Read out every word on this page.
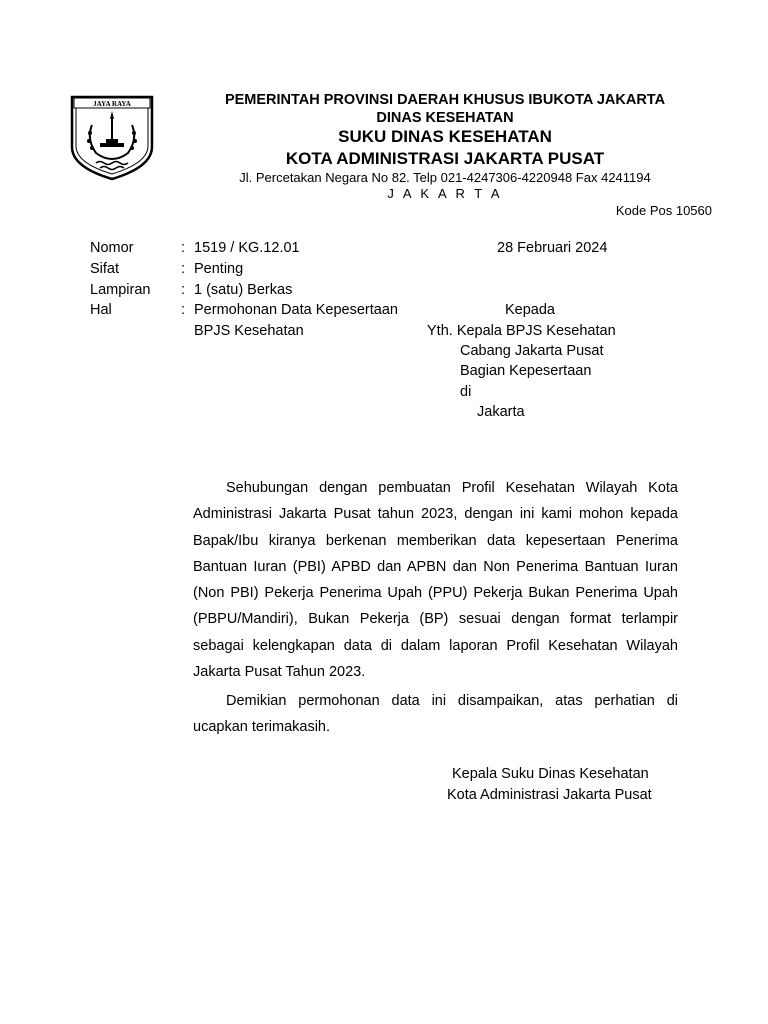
JAYA RAYA	PEMERINTAH PROVINSI DAERAH KHUSUS IBUKOTA JAKARTA
DINAS KESEHATAN
SUKU DINAS KESEHATAN
KOTA ADMINISTRASI JAKARTA PUSAT
Jl. Percetakan Negara No 82. Telp 021-4247306-4220948 Fax 4241194
J A K A R T A
Kode Pos 10560
Nomor	: 1519 / KG.12.01	28 Februari 2024
Sifat	: Penting
Lampiran : 1 (satu) Berkas
Hal	: Permohonan Data Kepesertaan
BPJS Kesehatan
Kepada
Yth. Kepala BPJS Kesehatan
Cabang Jakarta Pusat
Bagian Kepesertaan
di
Jakarta

Sehubungan dengan pembuatan Profil Kesehatan Wilayah Kota Administrasi Jakarta Pusat tahun 2023, dengan ini kami mohon kepada Bapak/Ibu kiranya berkenan memberikan data kepesertaan Penerima Bantuan Iuran (PBI) APBD dan APBN dan Non Penerima Bantuan Iuran (Non PBI) Pekerja Penerima Upah (PPU) Pekerja Bukan Penerima Upah (PBPU/Mandiri), Bukan Pekerja (BP) sesuai dengan format terlampir sebagai kelengkapan data di dalam laporan Profil Kesehatan Wilayah Jakarta Pusat Tahun 2023.

Demikian permohonan data ini disampaikan, atas perhatian di ucapkan terimakasih.

Kepala Suku Dinas Kesehatan
Kota Administrasi Jakarta Pusat
